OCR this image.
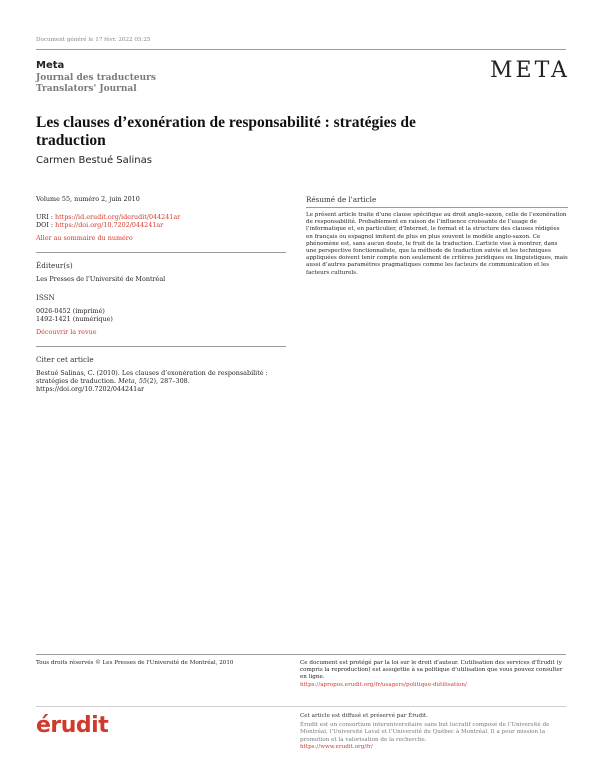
Document généré le 17 févr. 2022 05:25
Meta
Journal des traducteurs
Translators' Journal
META
Les clauses d’exonération de responsabilité : stratégies de traduction
Carmen Bestué Salinas
Volume 55, numéro 2, juin 2010
URI : https://id.erudit.org/iderudit/044241ar
DOI : https://doi.org/10.7202/044241ar
Aller au sommaire du numéro
Éditeur(s)
Les Presses de l'Université de Montréal
ISSN
0026-0452 (imprimé)
1492-1421 (numérique)
Découvrir la revue
Citer cet article
Bestué Salinas, C. (2010). Les clauses d’exonération de responsabilité : stratégies de traduction. Meta, 55(2), 287–308. https://doi.org/10.7202/044241ar
Résumé de l'article
Le présent article traite d’une clause spécifique au droit anglo-saxon, celle de l’exonération de responsabilité. Probablement en raison de l’influence croissante de l’usage de l’informatique et, en particulier, d’Internet, le format et la structure des clauses rédigées en français ou espagnol imitent de plus en plus souvent le modèle anglo-saxon. Ce phénomène est, sans aucun doute, le fruit de la traduction. L’article vise à montrer, dans une perspective fonctionnaliste, que la méthode de traduction suivie et les techniques appliquées doivent tenir compte non seulement de critères juridiques ou linguistiques, mais aussi d’autres paramètres pragmatiques comme les facteurs de communication et les facteurs culturels.
Tous droits réservés © Les Presses de l'Université de Montréal, 2010	Ce document est protégé par la loi sur le droit d’auteur. L’utilisation des services d’Érudit (y compris la reproduction) est assujettie à sa politique d’utilisation que vous pouvez consulter en ligne.
https://apropos.erudit.org/fr/usagers/politique-dutilisation/
érudit	Cet article est diffusé et préservé par Érudit.
Érudit est un consortium interuniversitaire sans but lucratif composé de l’Université de Montréal, l’Université Laval et l’Université du Québec à Montréal. Il a pour mission la promotion et la valorisation de la recherche.
https://www.erudit.org/fr/
